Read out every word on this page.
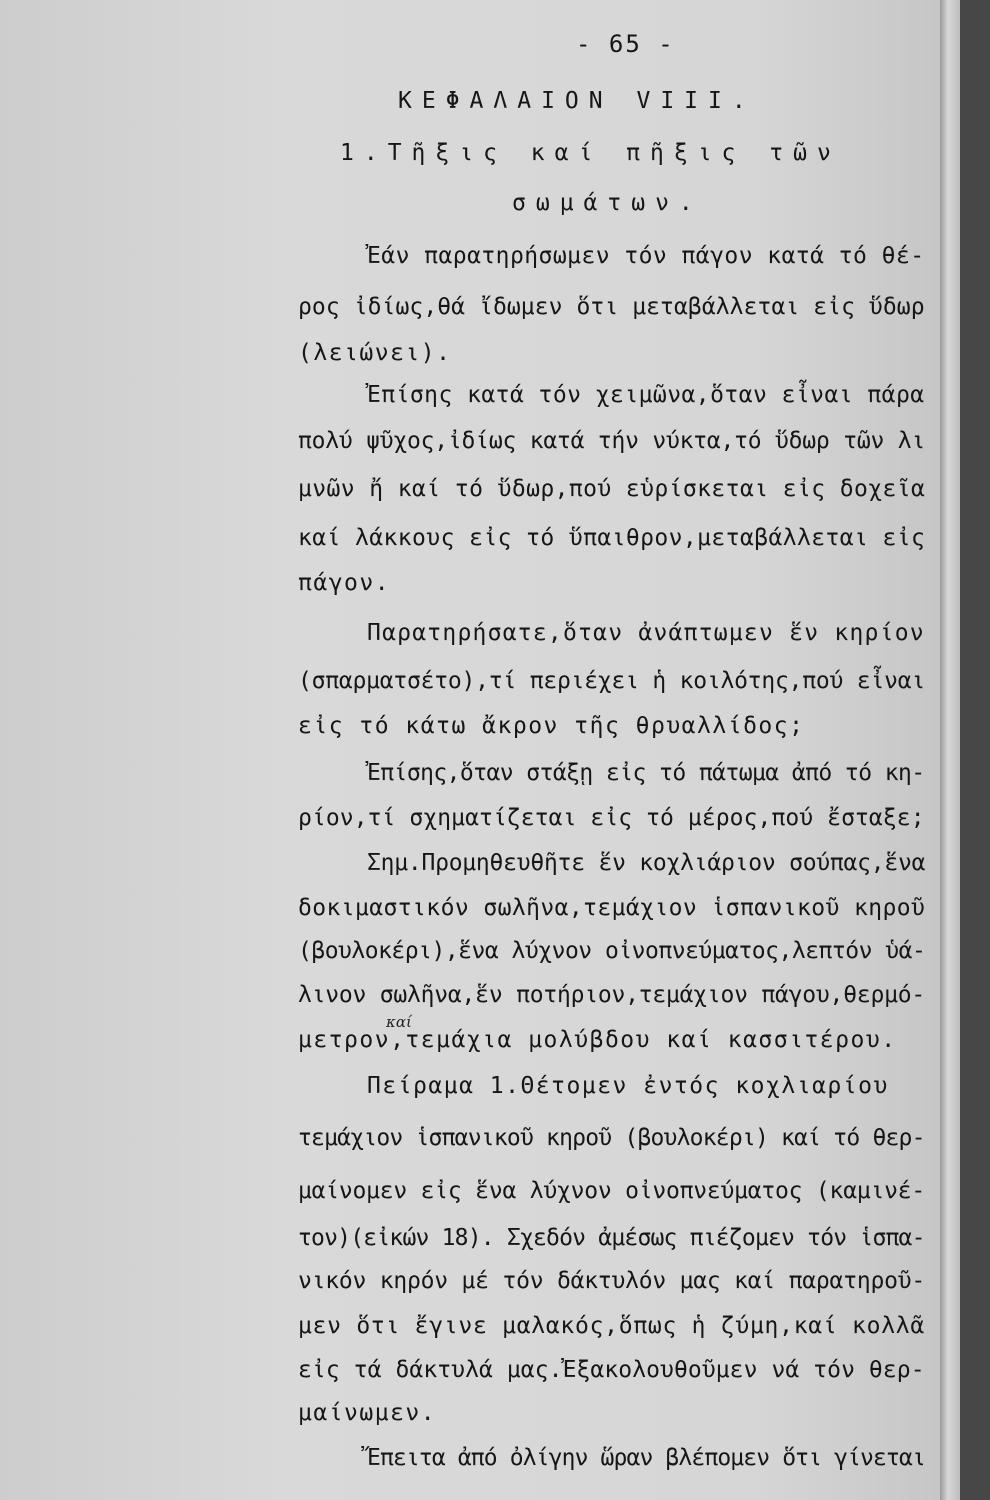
- 65 -

ΚΕΦΑΛΑΙΟΝ VIII.

1.Τῆξις καί πῆξις τῶν

σωμάτων.

Ἐάν παρατηρήσωμεν τόν πάγον κατά τό θέ-

ρος ἰδίως,θά ἴδωμεν ὅτι μεταβάλλεται εἰς ὕδωρ

(λειώνει).

Ἐπίσης κατά τόν χειμῶνα,ὅταν εἶναι πάρα

πολύ ψῦχος,ἰδίως κατά τήν νύκτα,τό ὕδωρ τῶν λι

μνῶν ἤ καί τό ὕδωρ,πού εὑρίσκεται εἰς δοχεῖα

καί λάκκους εἰς τό ὕπαιθρον,μεταβάλλεται εἰς

πάγον.

Παρατηρήσατε,ὅταν ἀνάπτωμεν ἕν κηρίον

(σπαρματσέτο),τί περιέχει ἡ κοιλότης,πού εἶναι

εἰς τό κάτω ἄκρον τῆς θρυαλλίδος;

Ἐπίσης,ὅταν στάξῃ εἰς τό πάτωμα ἀπό τό κη-

ρίον,τί σχηματίζεται εἰς τό μέρος,πού ἔσταξε;

Σημ.Προμηθευθῆτε ἕν κοχλιάριον σούπας,ἕνα

δοκιμαστικόν σωλῆνα,τεμάχιον ἱσπανικοῦ κηροῦ

(βουλοκέρι),ἕνα λύχνον οἰνοπνεύματος,λεπτόν ὑά-

λινον σωλῆνα,ἕν ποτήριον,τεμάχιον πάγου,θερμό-

μετρον,τεμάχια μολύβδου καί κασσιτέρου.

Πείραμα 1.Θέτομεν ἐντός κοχλιαρίου

τεμάχιον ἱσπανικοῦ κηροῦ (βουλοκέρι) καί τό θερ-

μαίνομεν εἰς ἕνα λύχνον οἰνοπνεύματος (καμινέ-

τον)(εἰκών 18). Σχεδόν ἀμέσως πιέζομεν τόν ἱσπα-

νικόν κηρόν μέ τόν δάκτυλόν μας καί παρατηροῦ-

μεν ὅτι ἔγινε μαλακός,ὅπως ἡ ζύμη,καί κολλᾶ

εἰς τά δάκτυλά μας.Ἐξακολουθοῦμεν νά τόν θερ-

μαίνωμεν.

Ἔπειτα ἀπό ὀλίγην ὥραν βλέπομεν ὅτι γίνεται

καί
